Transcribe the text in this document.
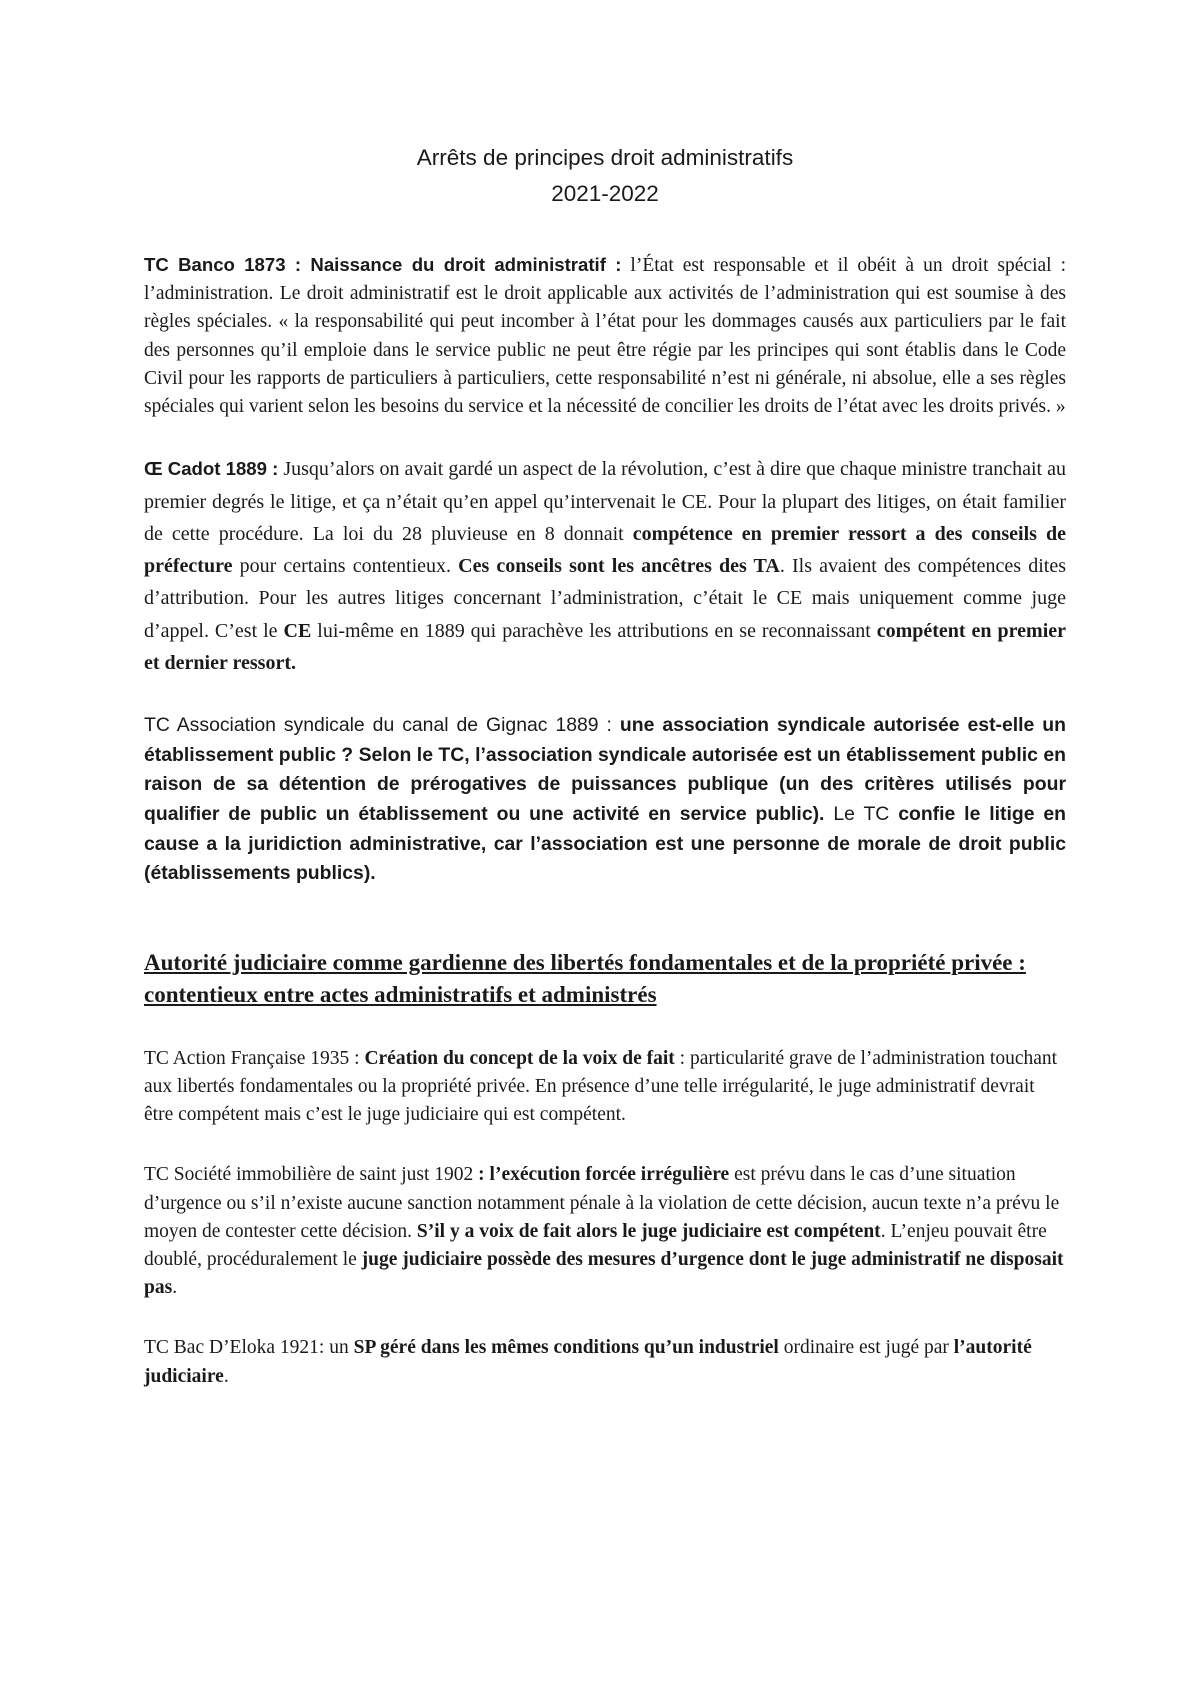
Arrêts de principes droit administratifs
2021-2022

TC Banco 1873 : Naissance du droit administratif : l’État est responsable et il obéit à un droit spécial : l’administration. Le droit administratif est le droit applicable aux activités de l’administration qui est soumise à des règles spéciales. « la responsabilité qui peut incomber à l’état pour les dommages causés aux particuliers par le fait des personnes qu’il emploie dans le service public ne peut être régie par les principes qui sont établis dans le Code Civil pour les rapports de particuliers à particuliers, cette responsabilité n’est ni générale, ni absolue, elle a ses règles spéciales qui varient selon les besoins du service et la nécessité de concilier les droits de l’état avec les droits privés. »

Œ Cadot 1889 : Jusqu’alors on avait gardé un aspect de la révolution, c’est à dire que chaque ministre tranchait au premier degrés le litige, et ça n’était qu’en appel qu’intervenait le CE. Pour la plupart des litiges, on était familier de cette procédure. La loi du 28 pluvieuse en 8 donnait compétence en premier ressort a des conseils de préfecture pour certains contentieux. Ces conseils sont les ancêtres des TA. Ils avaient des compétences dites d’attribution. Pour les autres litiges concernant l’administration, c’était le CE mais uniquement comme juge d’appel. C’est le CE lui-même en 1889 qui parachève les attributions en se reconnaissant compétent en premier et dernier ressort.

TC Association syndicale du canal de Gignac 1889 : une association syndicale autorisée est-elle un établissement public ? Selon le TC, l’association syndicale autorisée est un établissement public en raison de sa détention de prérogatives de puissances publique (un des critères utilisés pour qualifier de public un établissement ou une activité en service public). Le TC confie le litige en cause a la juridiction administrative, car l’association est une personne de morale de droit public (établissements publics).

Autorité judiciaire comme gardienne des libertés fondamentales et de la propriété privée : contentieux entre actes administratifs et administrés

TC Action Française 1935 : Création du concept de la voix de fait : particularité grave de l’administration touchant aux libertés fondamentales ou la propriété privée. En présence d’une telle irrégularité, le juge administratif devrait être compétent mais c’est le juge judiciaire qui est compétent.

TC Société immobilière de saint just 1902 : l’exécution forcée irrégulière est prévu dans le cas d’une situation d’urgence ou s’il n’existe aucune sanction notamment pénale à la violation de cette décision, aucun texte n’a prévu le moyen de contester cette décision. S’il y a voix de fait alors le juge judiciaire est compétent. L’enjeu pouvait être doublé, procéduralement le juge judiciaire possède des mesures d’urgence dont le juge administratif ne disposait pas.

TC Bac D’Eloka 1921: un SP géré dans les mêmes conditions qu’un industriel ordinaire est jugé par l’autorité judiciaire.
